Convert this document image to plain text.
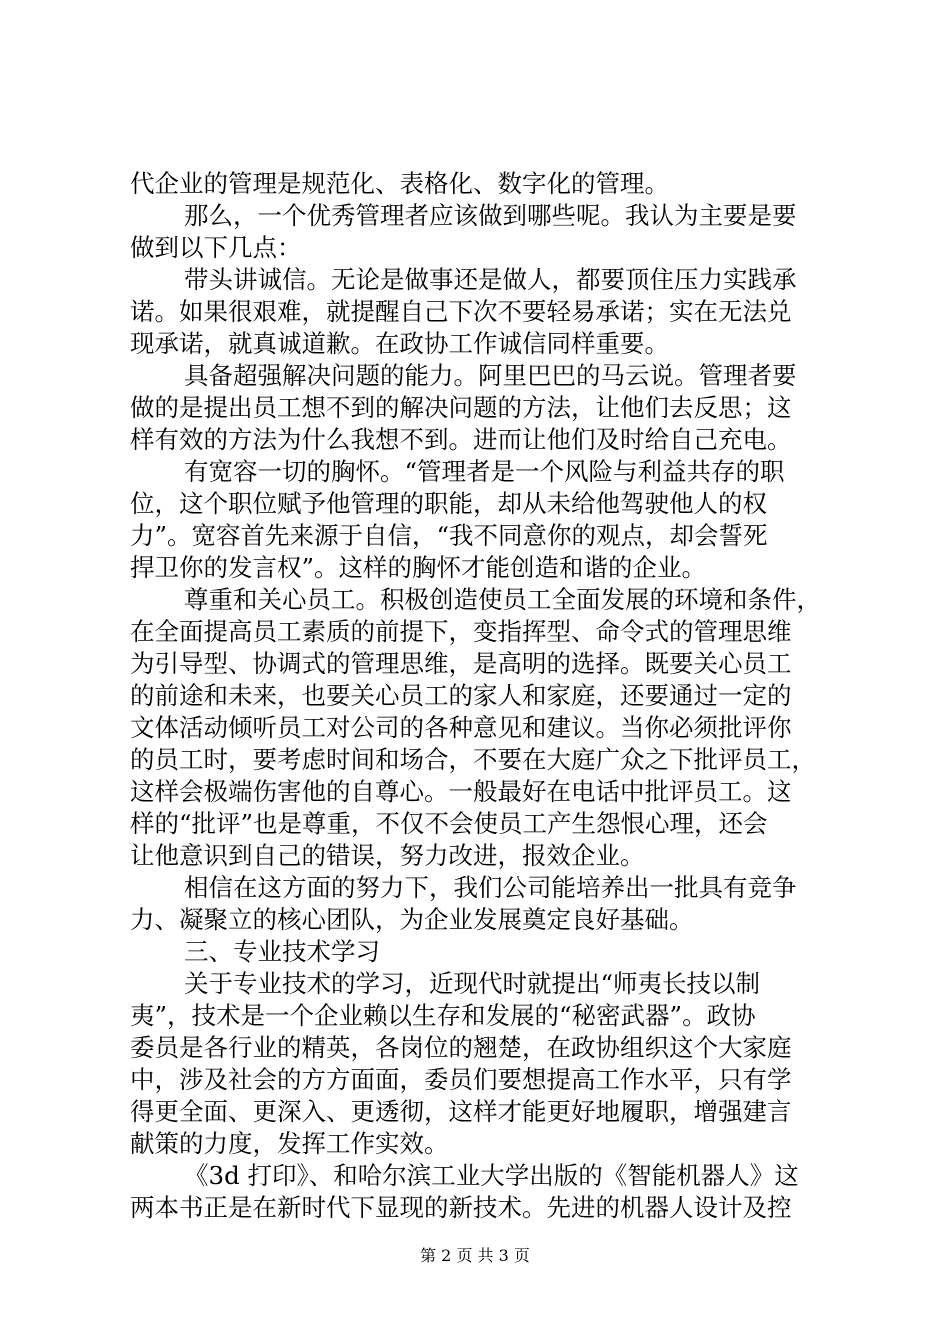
代企业的管理是规范化、表格化、数字化的管理。
那么，一个优秀管理者应该做到哪些呢。我认为主要是要
做到以下几点：
带头讲诚信。无论是做事还是做人，都要顶住压力实践承
诺。如果很艰难，就提醒自己下次不要轻易承诺；实在无法兑
现承诺，就真诚道歉。在政协工作诚信同样重要。
具备超强解决问题的能力。阿里巴巴的马云说。管理者要
做的是提出员工想不到的解决问题的方法，让他们去反思；这
样有效的方法为什么我想不到。进而让他们及时给自己充电。
有宽容一切的胸怀。“管理者是一个风险与利益共存的职
位，这个职位赋予他管理的职能，却从未给他驾驶他人的权
力”。宽容首先来源于自信，“我不同意你的观点，却会誓死
捍卫你的发言权”。这样的胸怀才能创造和谐的企业。
尊重和关心员工。积极创造使员工全面发展的环境和条件，
在全面提高员工素质的前提下，变指挥型、命令式的管理思维
为引导型、协调式的管理思维，是高明的选择。既要关心员工
的前途和未来，也要关心员工的家人和家庭，还要通过一定的
文体活动倾听员工对公司的各种意见和建议。当你必须批评你
的员工时，要考虑时间和场合，不要在大庭广众之下批评员工，
这样会极端伤害他的自尊心。一般最好在电话中批评员工。这
样的“批评”也是尊重，不仅不会使员工产生怨恨心理，还会
让他意识到自己的错误，努力改进，报效企业。
相信在这方面的努力下，我们公司能培养出一批具有竞争
力、凝聚立的核心团队，为企业发展奠定良好基础。
三、专业技术学习
关于专业技术的学习，近现代时就提出“师夷长技以制
夷”，技术是一个企业赖以生存和发展的“秘密武器”。政协
委员是各行业的精英，各岗位的翘楚，在政协组织这个大家庭
中，涉及社会的方方面面，委员们要想提高工作水平，只有学
得更全面、更深入、更透彻，这样才能更好地履职，增强建言
献策的力度，发挥工作实效。
《3d 打印》、和哈尔滨工业大学出版的《智能机器人》这
两本书正是在新时代下显现的新技术。先进的机器人设计及控
第 2 页 共 3 页
